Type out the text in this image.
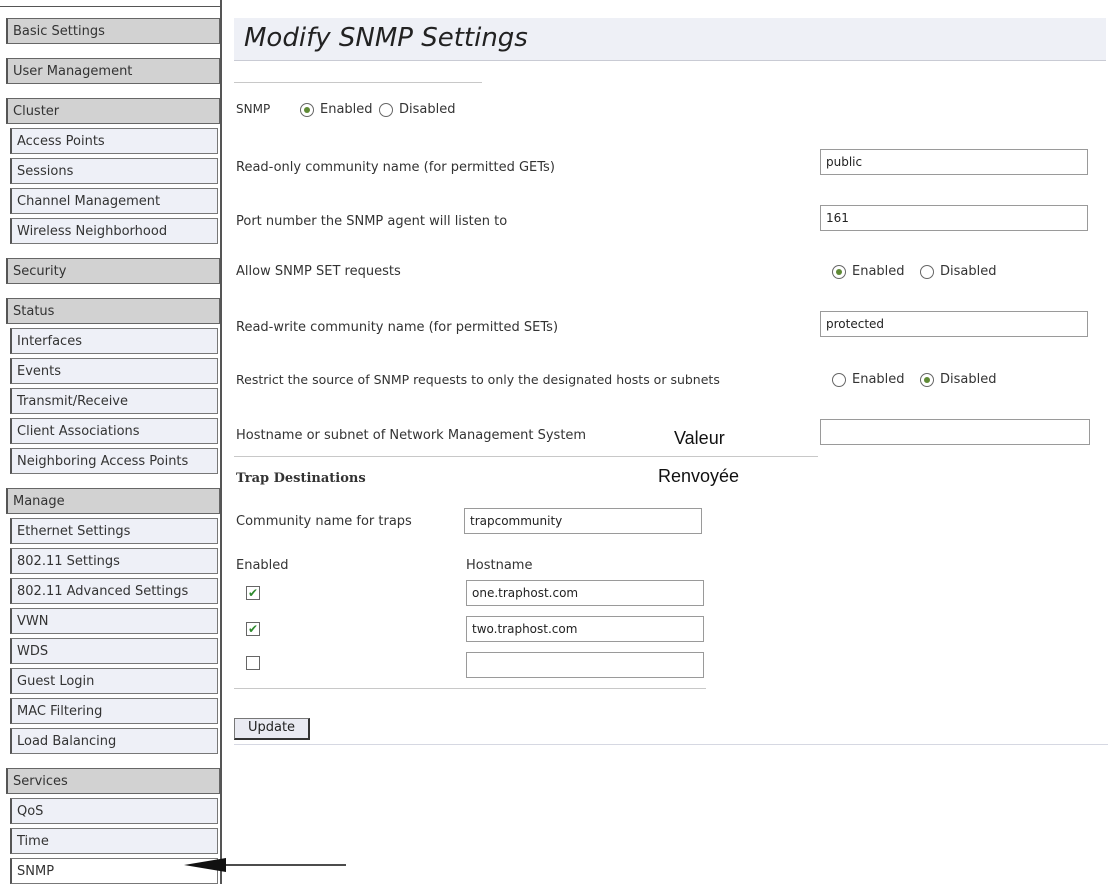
Basic Settings
User Management
Cluster
Access Points
Sessions
Channel Management
Wireless Neighborhood
Security
Status
Interfaces
Events
Transmit/Receive
Client Associations
Neighboring Access Points
Manage
Ethernet Settings
802.11 Settings
802.11 Advanced Settings
VWN
WDS
Guest Login
MAC Filtering
Load Balancing
Services
QoS
Time
SNMP
Modify SNMP Settings
SNMP	Enabled Disabled
Read-only community name (for permitted GETs)	public
Port number the SNMP agent will listen to	161
Allow SNMP SET requests	Enabled	Disabled
Read-write community name (for permitted SETs)	protected
Restrict the source of SNMP requests to only the designated hosts or subnets	Enabled	Disabled
Hostname or subnet of Network Management System	Valeur
Renvoyée
Trap Destinations
Community name for traps	trapcommunity
Enabled	Hostname
✔	one.traphost.com
✔	two.traphost.com
Update
